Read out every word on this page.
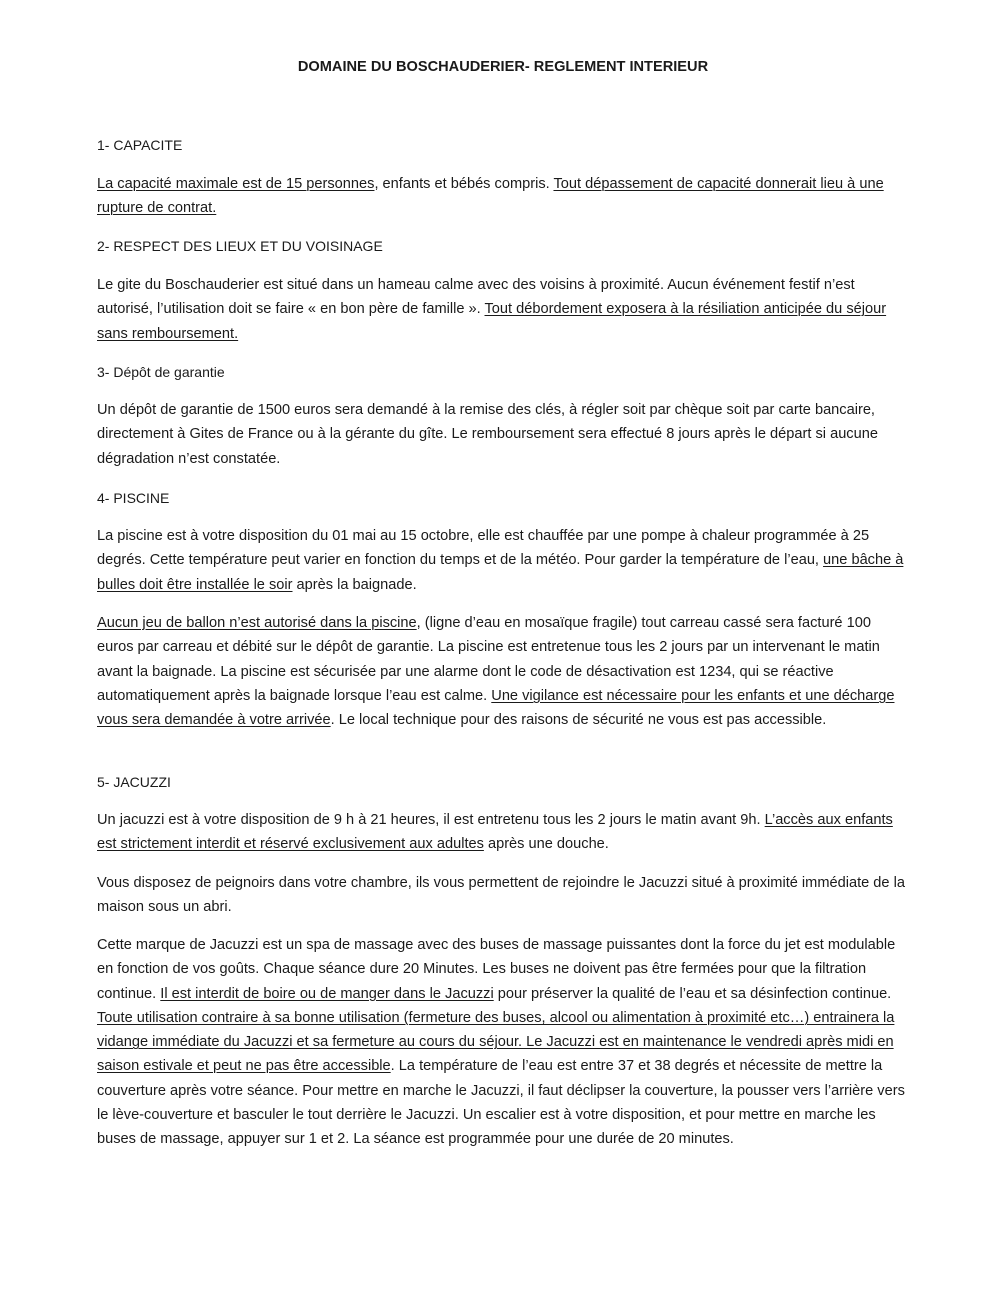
DOMAINE DU BOSCHAUDERIER- REGLEMENT INTERIEUR
1- CAPACITE

La capacité maximale est de 15 personnes, enfants et bébés compris. Tout dépassement de capacité donnerait lieu à une rupture de contrat.

2- RESPECT DES LIEUX ET DU VOISINAGE

Le gite du Boschauderier est situé dans un hameau calme avec des voisins à proximité. Aucun événement festif n’est autorisé, l’utilisation doit se faire « en bon père de famille ». Tout débordement exposera à la résiliation anticipée du séjour sans remboursement.

3- Dépôt de garantie

Un dépôt de garantie de 1500 euros sera demandé à la remise des clés, à régler soit par chèque soit par carte bancaire, directement à Gites de France ou à la gérante du gîte. Le remboursement sera effectué 8 jours après le départ si aucune dégradation n’est constatée.

4- PISCINE

La piscine est à votre disposition du 01 mai au 15 octobre, elle est chauffée par une pompe à chaleur programmée à 25 degrés. Cette température peut varier en fonction du temps et de la météo. Pour garder la température de l’eau, une bâche à bulles doit être installée le soir après la baignade.

Aucun jeu de ballon n’est autorisé dans la piscine, (ligne d’eau en mosaïque fragile) tout carreau cassé sera facturé 100 euros par carreau et débité sur le dépôt de garantie. La piscine est entretenue tous les 2 jours par un intervenant le matin avant la baignade. La piscine est sécurisée par une alarme dont le code de désactivation est 1234, qui se réactive automatiquement après la baignade lorsque l’eau est calme. Une vigilance est nécessaire pour les enfants et une décharge vous sera demandée à votre arrivée. Le local technique pour des raisons de sécurité ne vous est pas accessible.

5- JACUZZI

Un jacuzzi est à votre disposition de 9 h à 21 heures, il est entretenu tous les 2 jours le matin avant 9h. L’accès aux enfants est strictement interdit et réservé exclusivement aux adultes après une douche.

Vous disposez de peignoirs dans votre chambre, ils vous permettent de rejoindre le Jacuzzi situé à proximité immédiate de la maison sous un abri.

Cette marque de Jacuzzi est un spa de massage avec des buses de massage puissantes dont la force du jet est modulable en fonction de vos goûts. Chaque séance dure 20 Minutes. Les buses ne doivent pas être fermées pour que la filtration continue. Il est interdit de boire ou de manger dans le Jacuzzi pour préserver la qualité de l’eau et sa désinfection continue. Toute utilisation contraire à sa bonne utilisation (fermeture des buses, alcool ou alimentation à proximité etc…) entrainera la vidange immédiate du Jacuzzi et sa fermeture au cours du séjour. Le Jacuzzi est en maintenance le vendredi après midi en saison estivale et peut ne pas être accessible. La température de l’eau est entre 37 et 38 degrés et nécessite de mettre la couverture après votre séance. Pour mettre en marche le Jacuzzi, il faut déclipser la couverture, la pousser vers l’arrière vers le lève-couverture et basculer le tout derrière le Jacuzzi. Un escalier est à votre disposition, et pour mettre en marche les buses de massage, appuyer sur 1 et 2. La séance est programmée pour une durée de 20 minutes.
